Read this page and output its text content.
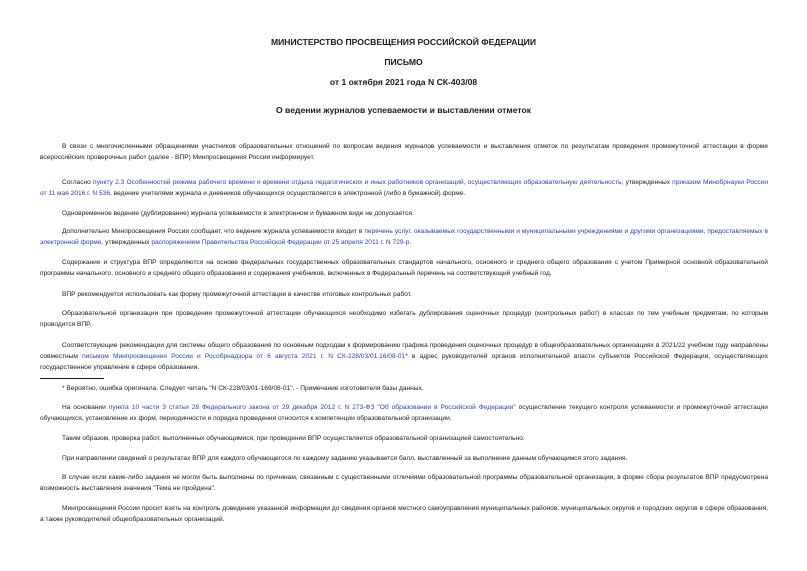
МИНИСТЕРСТВО ПРОСВЕЩЕНИЯ РОССИЙСКОЙ ФЕДЕРАЦИИ
ПИСЬМО
от 1 октября 2021 года N СК-403/08
О ведении журналов успеваемости и выставлении отметок

В связи с многочисленными обращениями участников образовательных отношений по вопросам ведения журналов успеваемости и выставления отметок по результатам проведения промежуточной аттестации в форме всероссийских проверочных работ (далее - ВПР) Минпросвещения России информирует.

Согласно пункту 2.3 Особенностей режима рабочего времени и времени отдыха педагогических и иных работников организаций, осуществляющих образовательную деятельность, утвержденных приказом Минобрнауки России от 11 мая 2016 г. N 536, ведение учителями журнала и дневников обучающихся осуществляется в электронной (либо в бумажной) форме.

Одновременное ведение (дублирование) журнала успеваемости в электронном и бумажном виде не допускается.

Дополнительно Минпросвещения России сообщает, что ведение журнала успеваемости входит в перечень услуг, оказываемых государственными и муниципальными учреждениями и другими организациями, предоставляемых в электронной форме, утвержденных распоряжением Правительства Российской Федерации от 25 апреля 2011 г. N 729-р.

Содержание и структура ВПР определяются на основе федеральных государственных образовательных стандартов начального, основного и среднего общего образования с учетом Примерной основной образовательной программы начального, основного и среднего общего образования и содержания учебников, включенных в Федеральный перечень на соответствующий учебный год.

ВПР рекомендуется использовать как форму промежуточной аттестации в качестве итоговых контрольных работ.

Образовательной организации при проведении промежуточной аттестации обучающихся необходимо избегать дублирования оценочных процедур (контрольных работ) в классах по тем учебным предметам, по которым проводится ВПР.

Соответствующие рекомендации для системы общего образования по основным подходам к формированию графика проведения оценочных процедур в общеобразовательных организациях в 2021/22 учебном году направлены совместным письмом Минпросвещения России и Рособрнадзора от 6 августа 2021 г. N СК-228/03/01.16/08-01* в адрес руководителей органов исполнительной власти субъектов Российской Федерации, осуществляющих государственное управление в сфере образования.

* Вероятно, ошибка оригинала. Следует читать "N СК-228/03/01-169/08-01". - Примечание изготовителя базы данных.

На основании пункта 10 части 3 статьи 28 Федерального закона от 29 декабря 2012 г. N 273-ФЗ "Об образовании в Российской Федерации" осуществление текущего контроля успеваемости и промежуточной аттестации обучающихся, установление их форм, периодичности и порядка проведения относится к компетенции образовательной организации.

Таким образом, проверка работ, выполненных обучающимися, при проведении ВПР осуществляется образовательной организацией самостоятельно.

При направлении сведений о результатах ВПР для каждого обучающегося по каждому заданию указывается балл, выставленный за выполнение данным обучающимся этого задания.

В случае если какие-либо задания не могли быть выполнены по причинам, связанным с существенными отличиями образовательной программы образовательной организации, в форме сбора результатов ВПР предусмотрена возможность выставления значения "Тема не пройдена".

Минпросвещения России просит взять на контроль доведение указанной информации до сведения органов местного самоуправления муниципальных районов, муниципальных округов и городских округов в сфере образования, а также руководителей общеобразовательных организаций.
